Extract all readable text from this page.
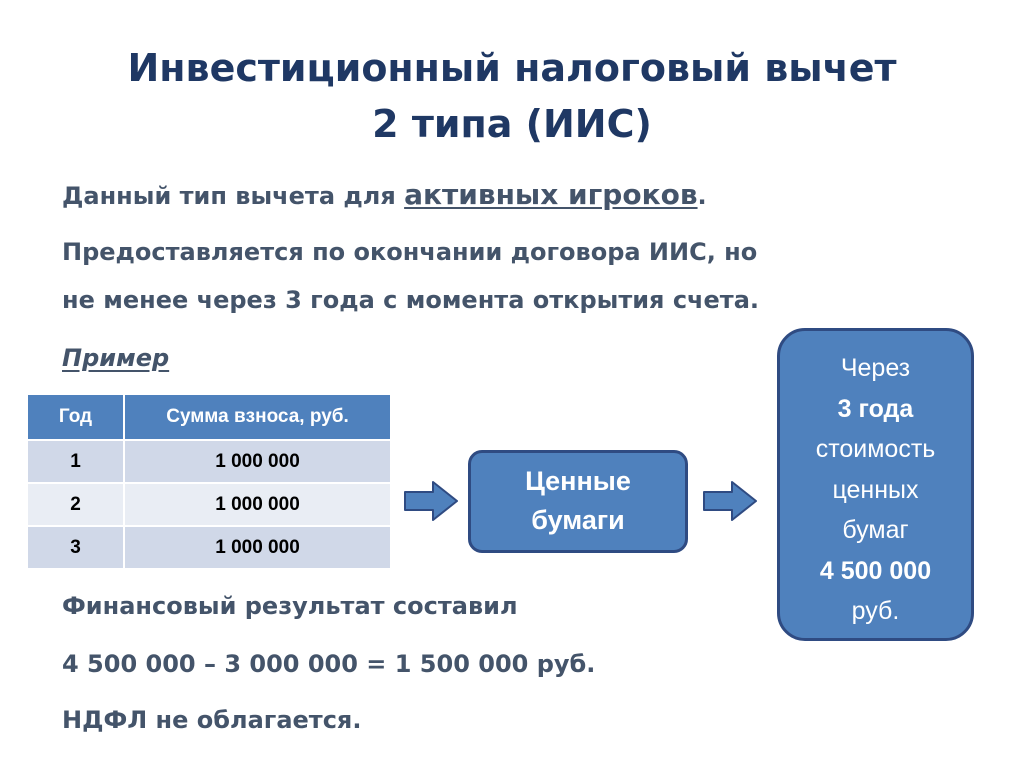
Инвестиционный налоговый вычет
2 типа (ИИС)
Данный тип вычета для активных игроков.
Предоставляется по окончании договора ИИС, но
не менее через 3 года с момента открытия счета.
Пример
Год	Сумма взноса, руб.
1	1 000 000
2	1 000 000
3	1 000 000
Ценные
бумаги
Через
3 года
стоимость
ценных
бумаг
4 500 000
руб.
Финансовый результат составил
4 500 000 – 3 000 000 = 1 500 000 руб.
НДФЛ не облагается.
